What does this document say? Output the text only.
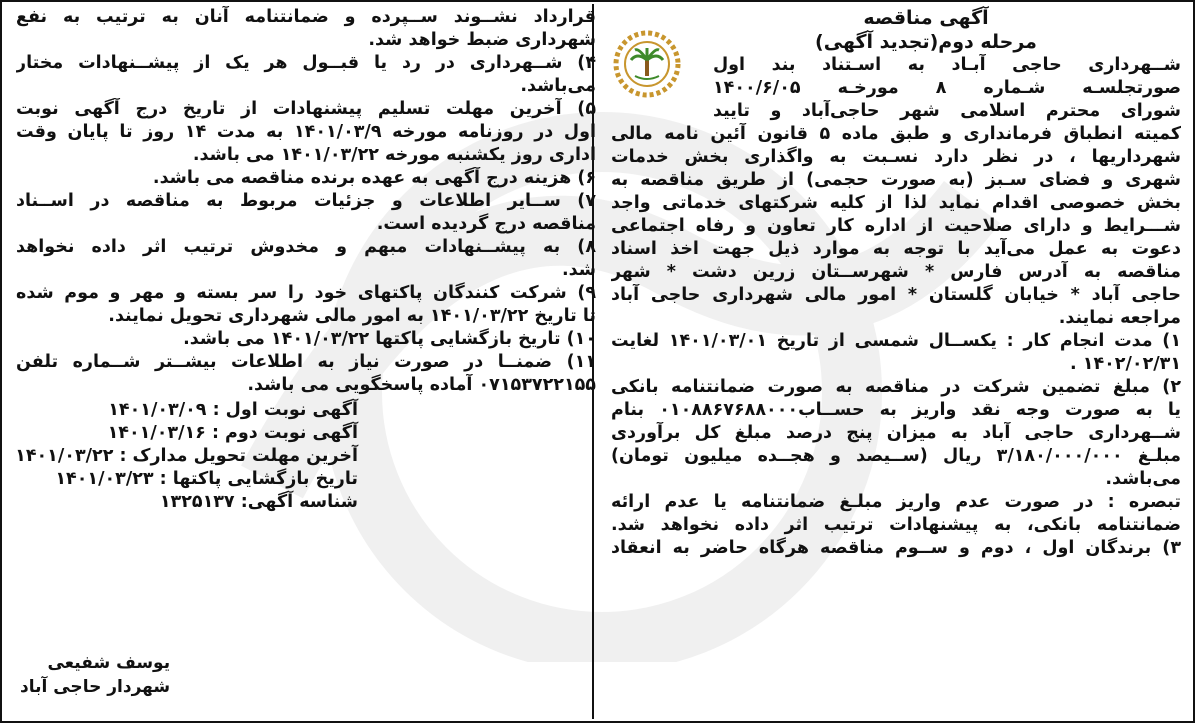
آگهی مناقصه
مرحله دوم(تجدید آگهی)
شــهرداری حاجی آبـاد به اسـتناد بند اول
صورتجلسـه شـماره ۸ مورخـه ۱۴۰۰/۶/۰۵
شورای محترم اسلامی شهر حاجی‌آباد و تایید
کمیته انطباق فرمانداری و طبق ماده ۵ قانون آئین نامه مالی
شهرداریها ، در نظر دارد نسـبت به واگذاری بخش خدمات
شهری و فضای سـبز (به صورت حجمی) از طریق مناقصه به
بخش خصوصی اقدام نماید لذا از کلیه شرکتهای خدماتی واجد
شـــرایط و دارای صلاحیت از اداره کار تعاون و رفاه اجتماعی
دعوت به عمل می‌آید با توجه به موارد ذیل جهت اخذ اسناد
مناقصه به آدرس فارس * شهرســتان زرین دشت * شهر
حاجی آباد * خیابان گلستان * امور مالی شهرداری حاجی آباد
مراجعه نمایند.
۱) مدت انجام کار : یکســال شمسی از تاریخ ۱۴۰۱/۰۳/۰۱ لغایت
۱۴۰۲/۰۲/۳۱ .
۲) مبلغ تضمین شرکت در مناقصه به صورت ضمانتنامه بانکی
یا به صورت وجه نقد واریز به حســاب۰۱۰۸۸۶۷۶۸۸۰۰۰ بنام
شــهرداری حاجی آباد به میزان پنج درصد مبلغ کل برآوردی
مبلـغ ۳/۱۸۰/۰۰۰/۰۰۰ ریال (ســیصد و هجــده میلیون تومان)
می‌باشد.
تبصره : در صورت عدم واریز مبلـغ ضمانتنامه یا عدم ارائه
ضمانتنامه بانکی، به پیشنهادات ترتیب اثر داده نخواهد شد.
۳) برندگان اول ، دوم و ســوم مناقصه هرگاه حاضر به انعقاد
قرارداد نشــوند ســپرده و ضمانتنامه آنان به ترتیب به نفع
شهرداری ضبط خواهد شد.
۴) شــهرداری در رد یا قبــول هر یک از پیشــنهادات مختار
می‌باشد.
۵) آخرین مهلت تسلیم پیشنهادات از تاریخ درج آگهی نوبت
اول در روزنامه مورخه ۱۴۰۱/۰۳/۹ به مدت ۱۴ روز تا پایان وقت
اداری روز یکشنبه مورخه ۱۴۰۱/۰۳/۲۲ می باشد.
۶) هزینه درج آگهی به عهده برنده مناقصه می باشد.
۷) ســایر اطلاعات و جزئیات مربوط به مناقصه در اســناد
مناقصه درج گردیده است.
۸) به پیشــنهادات مبهم و مخدوش ترتیب اثر داده نخواهد
شد.
۹) شرکت کنندگان پاکتهای خود را سر بسته و مهر و موم شده
تا تاریخ ۱۴۰۱/۰۳/۲۲ به امور مالی شهرداری تحویل نمایند.
۱۰) تاریخ بازگشایی پاکتها ۱۴۰۱/۰۳/۲۲ می باشد.
۱۱) ضمنــا در صورت نیاز به اطلاعات بیشــتر شــماره تلفن
۰۷۱۵۳۷۲۲۱۵۵ آماده پاسخگویی می باشد.
آگهی نوبت اول : ۱۴۰۱/۰۳/۰۹
آگهی نوبت دوم : ۱۴۰۱/۰۳/۱۶
آخرین مهلت تحویل مدارک : ۱۴۰۱/۰۳/۲۲
تاریخ بازگشایی پاکتها : ۱۴۰۱/۰۳/۲۳
شناسه آگهی: ۱۳۲۵۱۳۷
یوسف شفیعی
شهردار حاجی آباد
